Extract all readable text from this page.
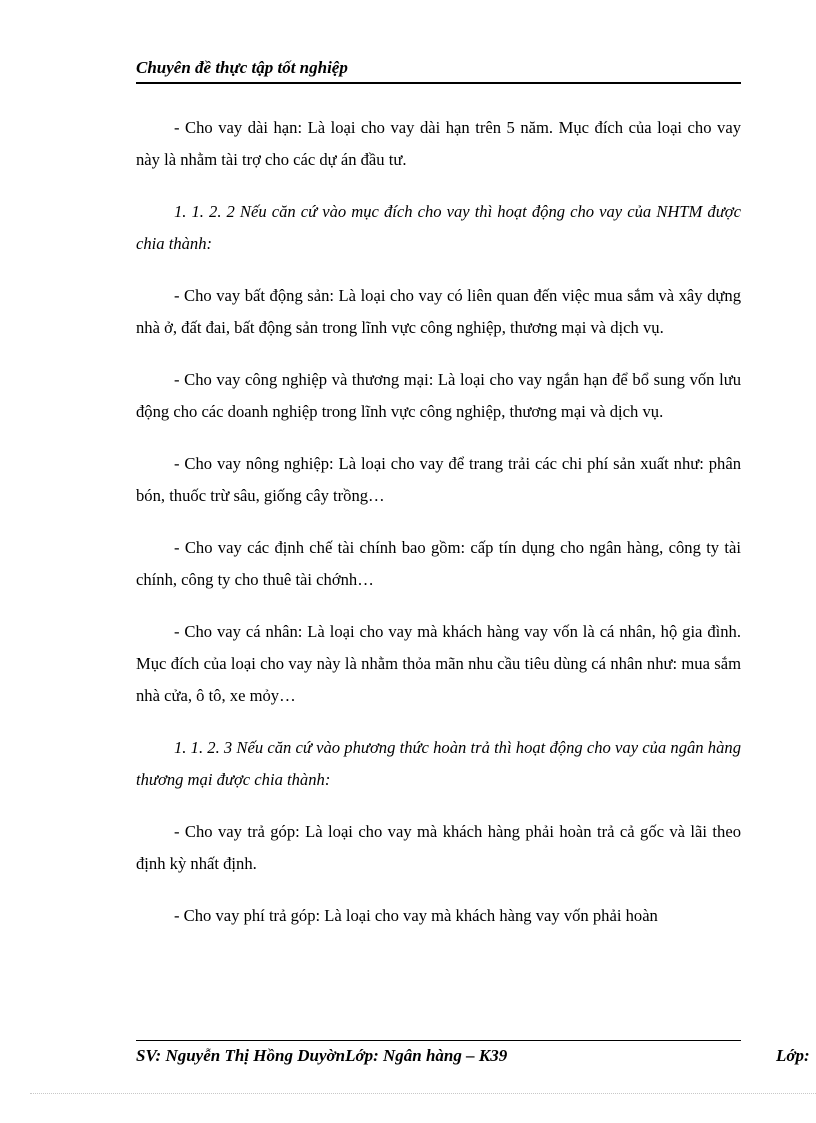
Chuyên đề thực tập tốt nghiệp

- Cho vay dài hạn: Là loại cho vay dài hạn trên 5 năm. Mục đích của loại cho vay này là nhằm tài trợ cho các dự án đầu tư.

1. 1. 2. 2 Nếu căn cứ vào mục đích cho vay thì hoạt động cho vay của NHTM được chia thành:

- Cho vay bất động sản: Là loại cho vay có liên quan đến việc mua sắm và xây dựng nhà ở, đất đai, bất động sản trong lĩnh vực công nghiệp, thương mại và dịch vụ.

- Cho vay công nghiệp và thương mại: Là loại cho vay ngắn hạn để bổ sung vốn lưu động cho các doanh nghiệp trong lĩnh vực công nghiệp, thương mại và dịch vụ.

- Cho vay nông nghiệp: Là loại cho vay để trang trải các chi phí sản xuất như: phân bón, thuốc trừ sâu, giống cây trồng…

- Cho vay các định chế tài chính bao gồm: cấp tín dụng cho ngân hàng, công ty tài chính, công ty cho thuê tài chớnh…

- Cho vay cá nhân: Là loại cho vay mà khách hàng vay vốn là cá nhân, hộ gia đình. Mục đích của loại cho vay này là nhằm thỏa mãn nhu cầu tiêu dùng cá nhân như: mua sắm nhà cửa, ô tô, xe mỏy…

1. 1. 2. 3 Nếu căn cứ vào phương thức hoàn trả thì hoạt động cho vay của ngân hàng thương mại được chia thành:

- Cho vay trả góp: Là loại cho vay mà khách hàng phải hoàn trả cả gốc và lãi theo định kỳ nhất định.

- Cho vay phí trả góp: Là loại cho vay mà khách hàng vay vốn phải hoàn

SV: Nguyễn Thị Hồng DuyờnLớp: Ngân hàng – K39	Lớp:
